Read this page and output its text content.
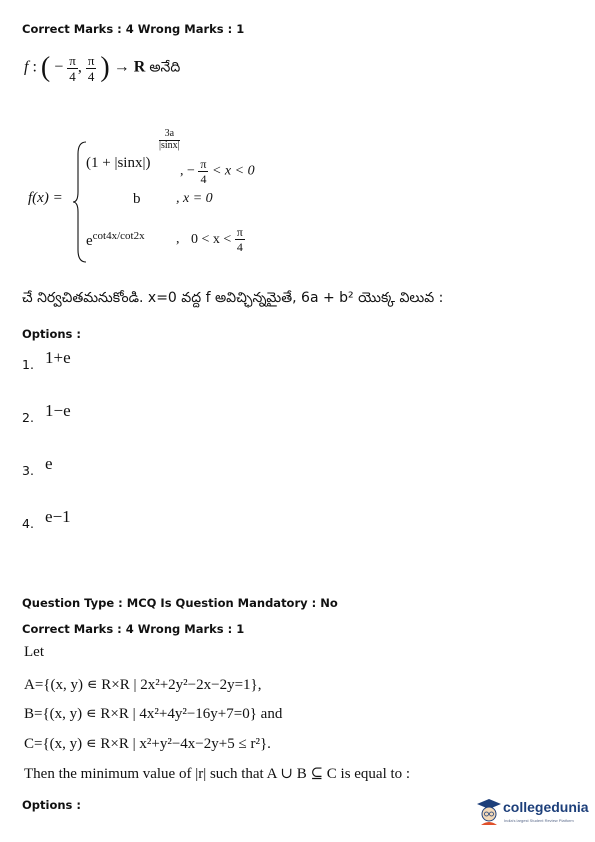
Correct Marks : 4 Wrong Marks : 1
f : ( − $\frac{\pi}{4}$ , $\frac{\pi}{4}$ ) → R అనేది
f(x) =
$\frac{3a}{|\sin x|}$
(1 + |sinx|)
, − $\frac{\pi}{4} < x < 0$
b	, x = 0
$e^{cot4x/cot2x}$ , $0 < x < \frac{\pi}{4}$
చే నిర్వచితమనుకోండి. x=0 వద్ద f అవిచ్ఛిన్నమైతే, 6a + b² యొక్క విలువ :
Options :
$_{1.}$ 1+e
$_{2.}$ 1−e
$_{3.}$ e
$_{4.}$ e−1
Question Type : MCQ Is Question Mandatory : No
Correct Marks : 4 Wrong Marks : 1
Let
A={(x, y) ∊ R×R | 2x²+2y²−2x−2y=1},
B={(x, y) ∊ R×R | 4x²+4y²−16y+7=0} and
C={(x, y) ∊ R×R | x²+y²−4x−2y+5 ≤ r²}.
Then the minimum value of |r| such that A ∪ B ⊆ C is equal to :
Options :	collegedunia
India's largest Student Review Platform
